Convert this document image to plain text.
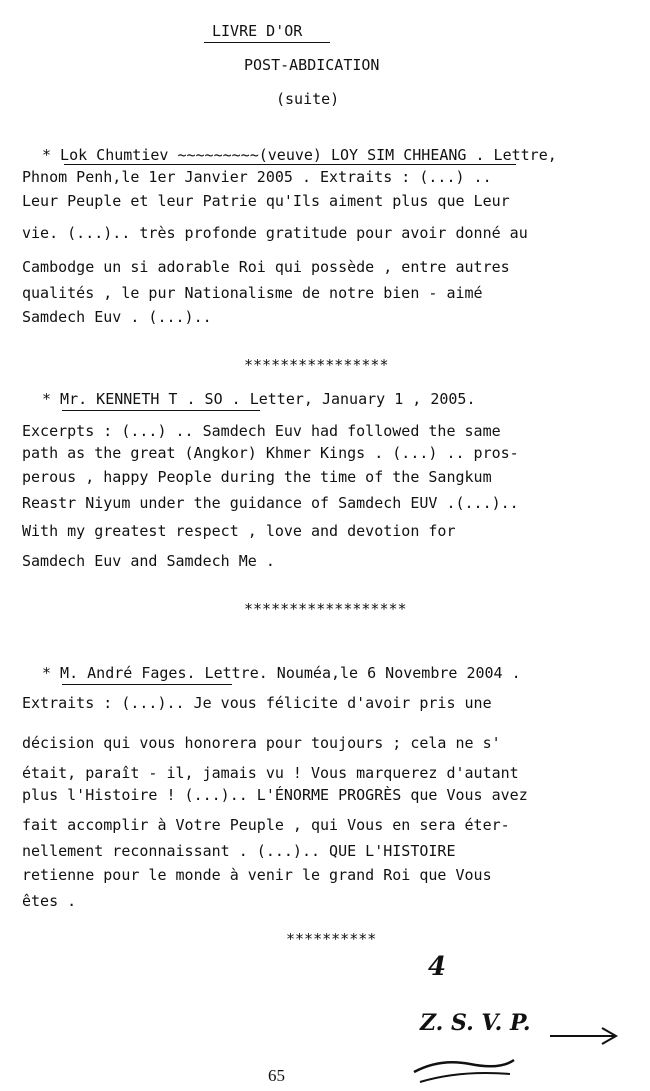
LIVRE D'OR
POST-ABDICATION
(suite)
* Lok Chumtiev ~~~~~~~~~(veuve) LOY SIM CHHEANG . Lettre,
Phnom Penh,le 1er Janvier 2005 . Extraits : (...) ..
Leur Peuple et leur Patrie qu'Ils aiment plus que Leur
vie. (...).. très profonde gratitude pour avoir donné au
Cambodge un si adorable Roi qui possède , entre autres
qualités , le pur Nationalisme de notre bien - aimé
Samdech Euv . (...)..
****************
* Mr. KENNETH T . SO . Letter, January 1 , 2005.
Excerpts : (...) .. Samdech Euv had followed the same
path as the great (Angkor) Khmer Kings . (...) .. pros-
perous , happy People during the time of the Sangkum
Reastr Niyum under the guidance of Samdech EUV .(...)..
With my greatest respect , love and devotion for
Samdech Euv and Samdech Me .
******************
* M. André Fages. Lettre. Nouméa,le 6 Novembre 2004 .
Extraits : (...).. Je vous félicite d'avoir pris une
décision qui vous honorera pour toujours ; cela ne s'
était, paraît - il, jamais vu ! Vous marquerez d'autant
plus l'Histoire ! (...).. L'ÉNORME PROGRÈS que Vous avez
fait accomplir à Votre Peuple , qui Vous en sera éter-
nellement reconnaissant . (...).. QUE L'HISTOIRE
retienne pour le monde à venir le grand Roi que Vous
êtes .
**********
4
Z. S. V. P.
65
